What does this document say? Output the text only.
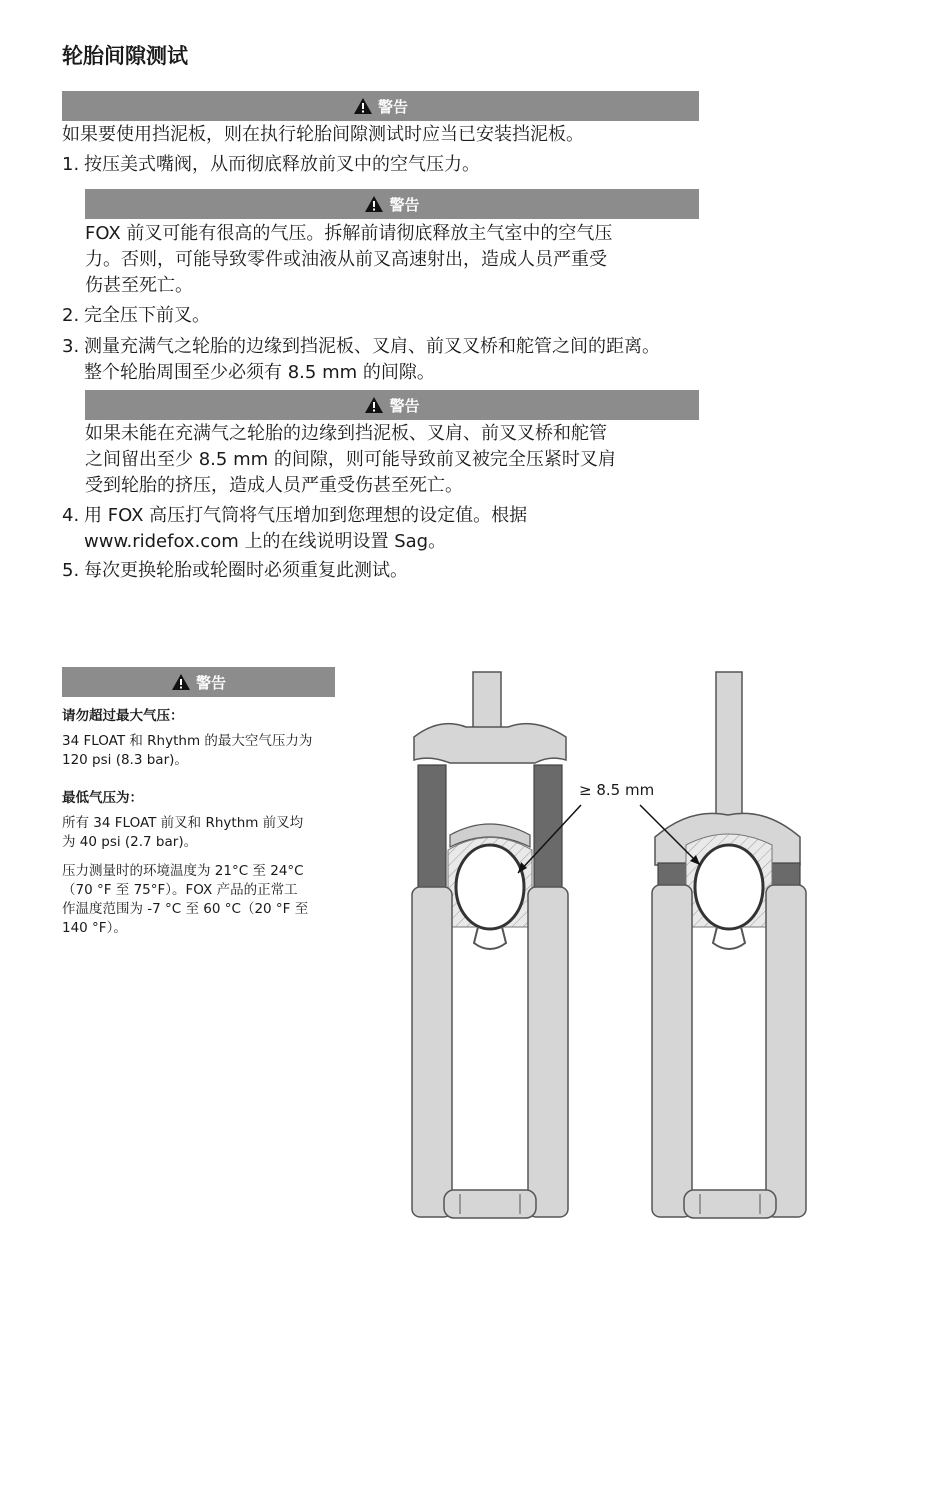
轮胎间隙测试
警告
如果要使用挡泥板，则在执行轮胎间隙测试时应当已安装挡泥板。
1. 按压美式嘴阀，从而彻底释放前叉中的空气压力。
警告
FOX 前叉可能有很高的气压。拆解前请彻底释放主气室中的空气压
力。否则，可能导致零件或油液从前叉高速射出，造成人员严重受
伤甚至死亡。
2. 完全压下前叉。
3. 测量充满气之轮胎的边缘到挡泥板、叉肩、前叉叉桥和舵管之间的距离。
整个轮胎周围至少必须有 8.5 mm 的间隙。
警告
如果未能在充满气之轮胎的边缘到挡泥板、叉肩、前叉叉桥和舵管
之间留出至少 8.5 mm 的间隙，则可能导致前叉被完全压紧时叉肩
受到轮胎的挤压，造成人员严重受伤甚至死亡。
4. 用 FOX 高压打气筒将气压增加到您理想的设定值。根据
www.ridefox.com 上的在线说明设置 Sag。
5. 每次更换轮胎或轮圈时必须重复此测试。
警告
请勿超过最大气压：
34 FLOAT 和 Rhythm 的最大空气压力为
120 psi (8.3 bar)。
最低气压为：
所有 34 FLOAT 前叉和 Rhythm 前叉均
为 40 psi (2.7 bar)。
压力测量时的环境温度为 21°C 至 24°C
（70 °F 至 75°F）。FOX 产品的正常工
作温度范围为 -7 °C 至 60 °C（20 °F 至
140 °F）。
≥ 8.5 mm
